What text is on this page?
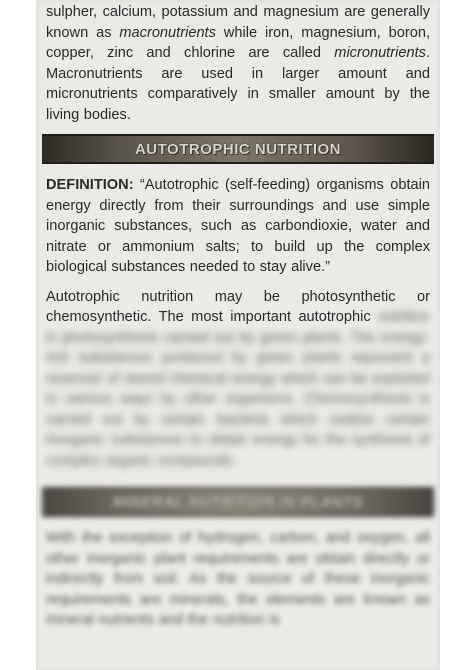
sulpher, calcium, potassium and magnesium are generally known as macronutrients while iron, magnesium, boron, copper, zinc and chlorine are called micronutrients. Macronutrients are used in larger amount and micronutrients comparatively in smaller amount by the living bodies.

AUTOTROPHIC NUTRITION

DEFINITION: “Autotrophic (self-feeding) organisms obtain energy directly from their surroundings and use simple inorganic substances, such as carbondioxie, water and nitrate or ammonium salts; to build up the complex biological substances needed to stay alive.”

Autotrophic nutrition may be photosynthetic or chemosynthetic. The most important autotrophic nutrition is photosynthesis carried out by green plants. The energy-rich substances produced by green plants represent a reservoir of stored chemical energy which can be exploited in various ways by other organisms. Chemosynthesis is carried out by certain bacteria which oxidize certain inorganic substances to obtain energy for the synthesis of complex organic compounds.

MINERAL NUTRITION IN PLANTS

With the exception of hydrogen, carbon, and oxygen, all other inorganic plant requirements are obtain directly or indirectly from soil. As the source of these inorganic requirements are minerals, the elements are known as mineral nutrients and the nutrition is
